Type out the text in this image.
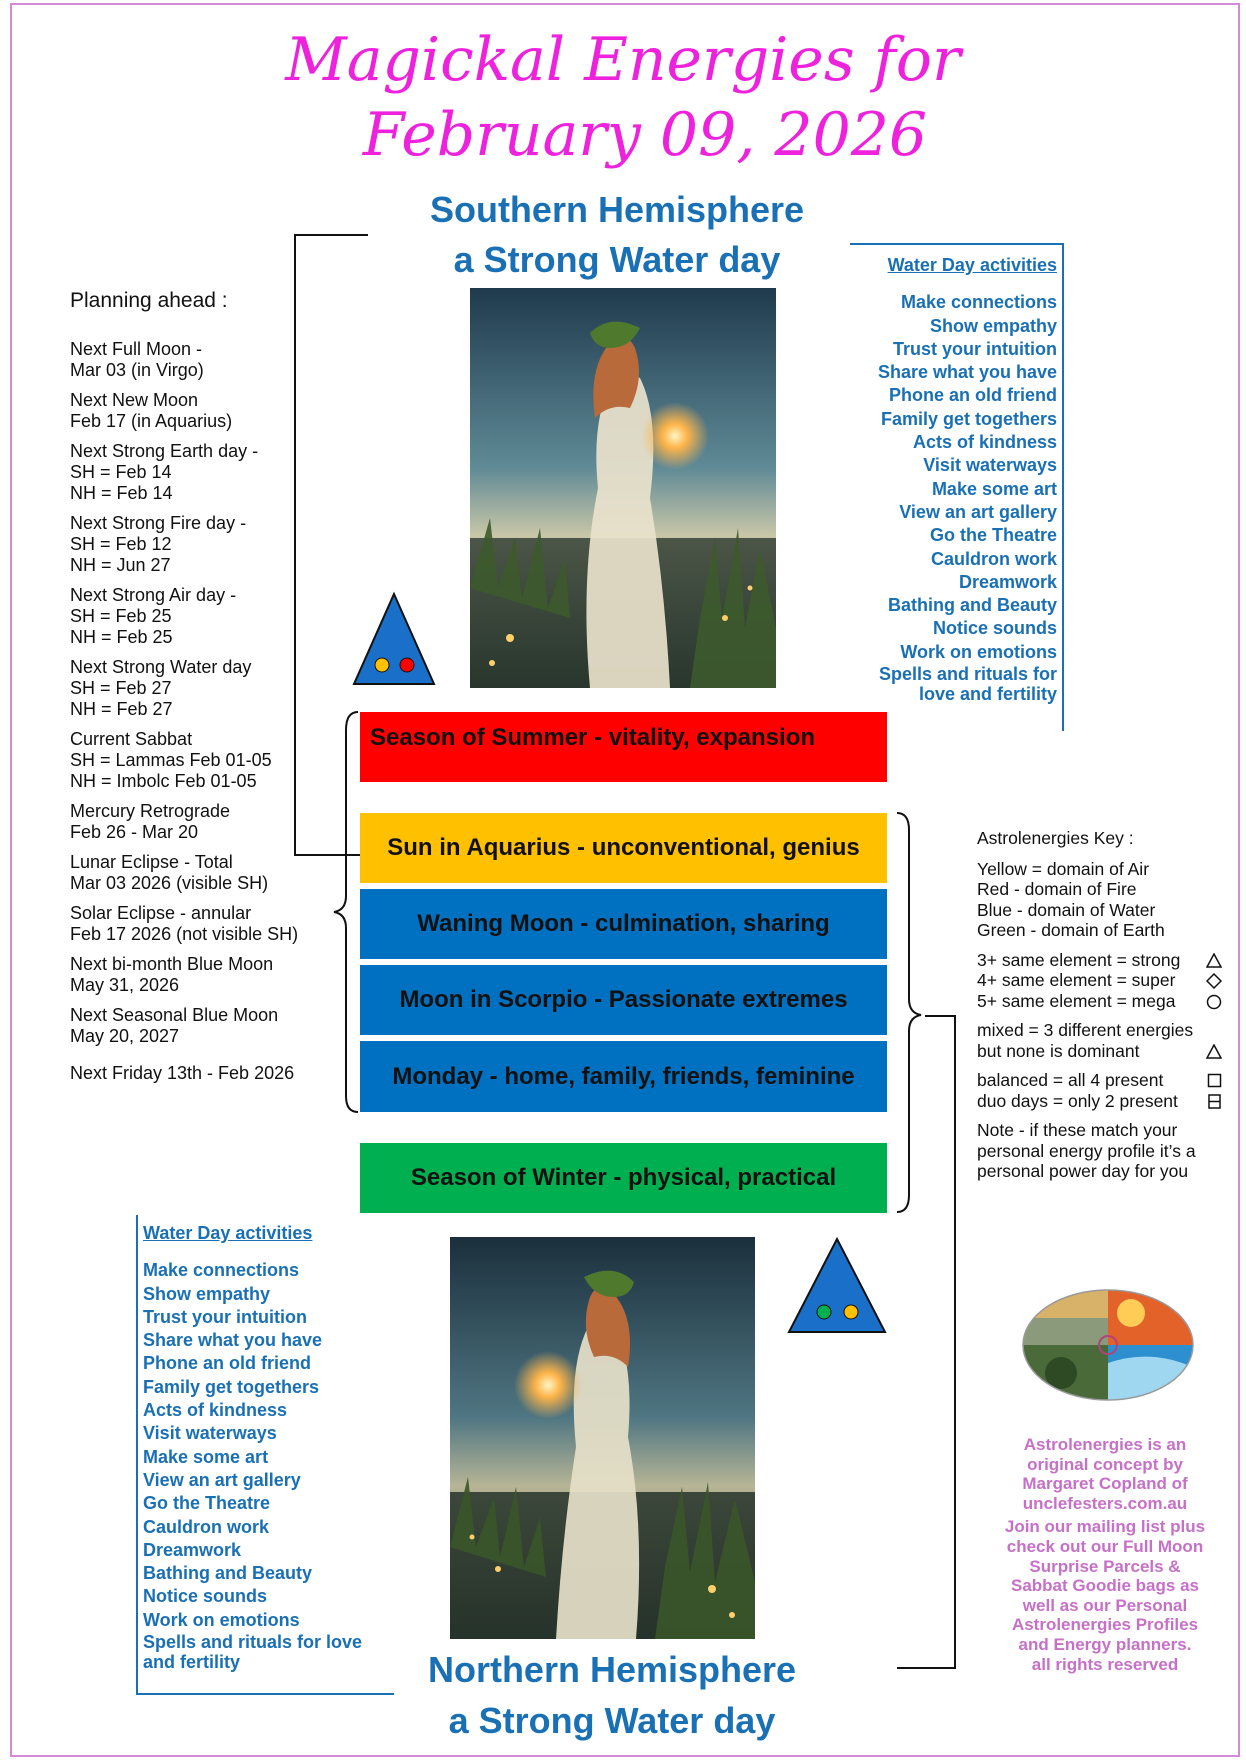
Magickal Energies for
February 09, 2026
Southern Hemisphere
a Strong Water day
Planning ahead :
Next Full Moon -
Mar 03 (in Virgo)
Next New Moon
Feb 17 (in Aquarius)
Next Strong Earth day -
SH = Feb 14
NH = Feb 14
Next Strong Fire day -
SH = Feb 12
NH = Jun 27
Next Strong Air day -
SH = Feb 25
NH = Feb 25
Next Strong Water day
SH = Feb 27
NH = Feb 27
Current Sabbat
SH = Lammas Feb 01-05
NH = Imbolc Feb 01-05
Mercury Retrograde
Feb 26 - Mar 20
Lunar Eclipse - Total
Mar 03 2026 (visible SH)
Solar Eclipse - annular
Feb 17 2026 (not visible SH)
Next bi-month Blue Moon
May 31, 2026
Next Seasonal Blue Moon
May 20, 2027
Next Friday 13th - Feb 2026
Water Day activities
Make connections
Show empathy
Trust your intuition
Share what you have
Phone an old friend
Family get togethers
Acts of kindness
Visit waterways
Make some art
View an art gallery
Go the Theatre
Cauldron work
Dreamwork
Bathing and Beauty
Notice sounds
Work on emotions
Spells and rituals for
love and fertility
Season of Summer - vitality, expansion
Sun in Aquarius - unconventional, genius
Waning Moon - culmination, sharing
Moon in Scorpio - Passionate extremes
Monday - home, family, friends, feminine
Season of Winter - physical, practical
Astrolenergies Key :
Yellow = domain of Air
Red - domain of Fire
Blue - domain of Water
Green - domain of Earth
3+ same element = strong
4+ same element = super
5+ same element = mega
mixed = 3 different energies
but none is dominant
balanced = all 4 present
duo days = only 2 present
Note - if these match your
personal energy profile it’s a
personal power day for you
Astrolenergies is an original concept by Margaret Copland of unclefesters.com.au
Join our mailing list plus check out our Full Moon Surprise Parcels & Sabbat Goodie bags as well as our Personal Astrolenergies Profiles and Energy planners.
all rights reserved
Water Day activities
Make connections
Show empathy
Trust your intuition
Share what you have
Phone an old friend
Family get togethers
Acts of kindness
Visit waterways
Make some art
View an art gallery
Go the Theatre
Cauldron work
Dreamwork
Bathing and Beauty
Notice sounds
Work on emotions
Spells and rituals for love
and fertility	Northern Hemisphere
a Strong Water day
